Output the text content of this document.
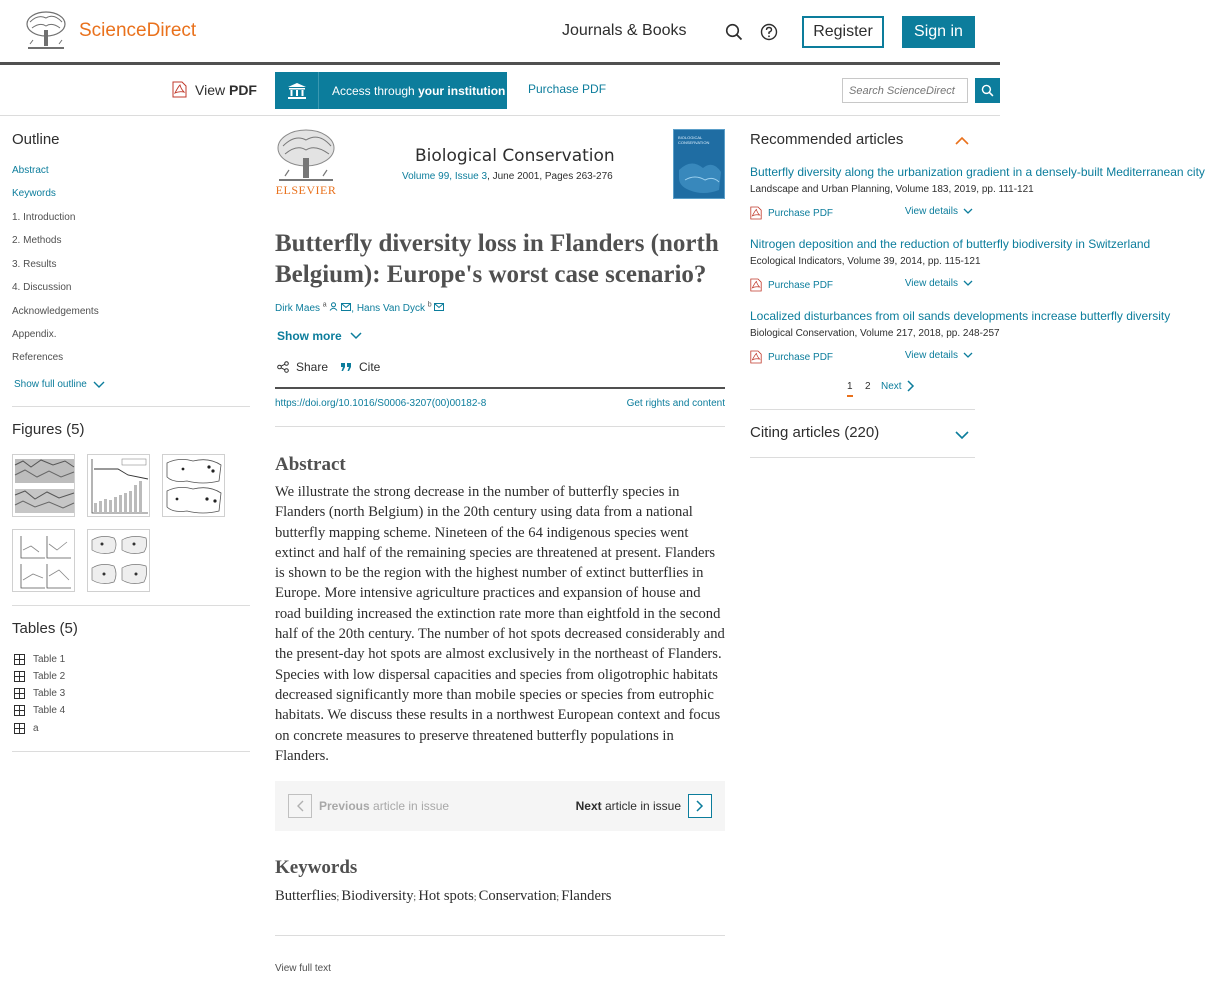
ScienceDirect	Journals & Books	Register	Sign in
View PDF	Access through your institution Purchase PDF
Search ScienceDirect
Outline
Abstract
Keywords
1. Introduction
2. Methods
3. Results
4. Discussion
Acknowledgements
Appendix.
References
Show full outline
Figures (5)
Tables (5)
Table 1
Table 2
Table 3
Table 4
a
ELSEVIER
Biological Conservation
Volume 99, Issue 3, June 2001, Pages 263-276
BIOLOGICAL CONSERVATION
Butterfly diversity loss in Flanders (north Belgium): Europe's worst case scenario?
Dirk Maes $^a$ , Hans Van Dyck $^b$
Show more
Share	Cite
https://doi.org/10.1016/S0006-3207(00)00182-8	Get rights and content
Abstract

We illustrate the strong decrease in the number of butterfly species in Flanders (north Belgium) in the 20th century using data from a national butterfly mapping scheme. Nineteen of the 64 indigenous species went extinct and half of the remaining species are threatened at present. Flanders is shown to be the region with the highest number of extinct butterflies in Europe. More intensive agriculture practices and expansion of house and road building increased the extinction rate more than eightfold in the second half of the 20th century. The number of hot spots decreased considerably and the present-day hot spots are almost exclusively in the northeast of Flanders. Species with low dispersal capacities and species from oligotrophic habitats decreased significantly more than mobile species or species from eutrophic habitats. We discuss these results in a northwest European context and focus on concrete measures to preserve threatened butterfly populations in Flanders.

Previous article in issue	Next article in issue
Keywords
Butterflies; Biodiversity; Hot spots; Conservation; Flanders
View full text
Recommended articles
Butterfly diversity along the urbanization gradient in a densely-built Mediterranean city
Landscape and Urban Planning, Volume 183, 2019, pp. 111-121
Purchase PDF	View details
Nitrogen deposition and the reduction of butterfly biodiversity in Switzerland
Ecological Indicators, Volume 39, 2014, pp. 115-121
Purchase PDF	View details
Localized disturbances from oil sands developments increase butterfly diversity
Biological Conservation, Volume 217, 2018, pp. 248-257
Purchase PDF	View details
1	2	Next
Citing articles (220)
